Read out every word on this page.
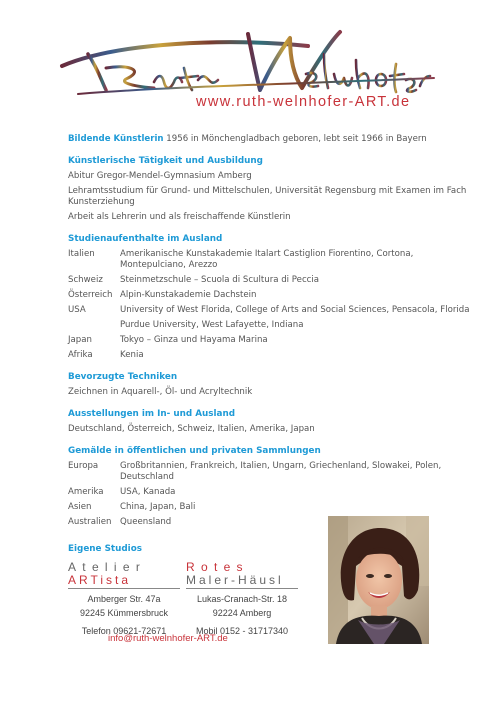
www.ruth-welnhofer-ART.de

Bildende Künstlerin 1956 in Mönchengladbach geboren, lebt seit 1966 in Bayern

Künstlerische Tätigkeit und Ausbildung

Abitur Gregor-Mendel-Gymnasium Amberg

Lehramtsstudium für Grund- und Mittelschulen, Universität Regensburg mit Examen im Fach Kunsterziehung

Arbeit als Lehrerin und als freischaffende Künstlerin

Studienaufenthalte im Ausland
Italien	Amerikanische Kunstakademie Italart Castiglion Fiorentino, Cortona, Montepulciano, Arezzo
Schweiz	Steinmetzschule – Scuola di Scultura di Peccia
Österreich Alpin-Kunstakademie Dachstein
USA	University of West Florida, College of Arts and Social Sciences, Pensacola, Florida
Purdue University, West Lafayette, Indiana
Japan	Tokyo – Ginza und Hayama Marina
Afrika	Kenia
Bevorzugte Techniken

Zeichnen in Aquarell-, Öl- und Acryltechnik

Ausstellungen im In- und Ausland

Deutschland, Österreich, Schweiz, Italien, Amerika, Japan

Gemälde in öffentlichen und privaten Sammlungen
Europa	Großbritannien, Frankreich, Italien, Ungarn, Griechenland, Slowakei, Polen, Deutschland
Amerika	USA, Kanada
Asien	China, Japan, Bali
Australien Queensland
Eigene Studios
Atelier
ARTista
Amberger Str. 47a
92245 Kümmersbruck
Telefon 09621-72671
Rotes
Maler-Häusl
Lukas-Cranach-Str. 18
92224 Amberg
Mobil 0152 - 31717340
info@ruth-welnhofer-ART.de
